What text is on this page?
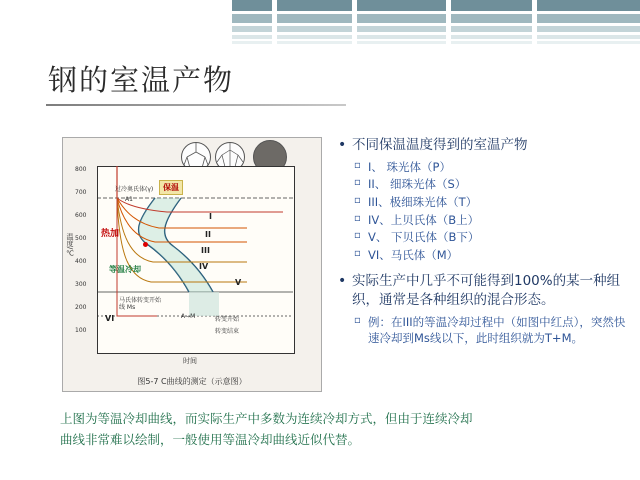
钢的室温产物
温度/℃
时间
800
700
600
500
400
300
200
100
保温
过冷奥氏体(γ)
A1
热加
等温冷却
马氏体转变开始线 Ms
A→M
I
II
III
IV
V
VI	转变开始
转变结束
图5-7 C曲线的测定（示意图）
• 不同保温温度得到的室温产物
▫ I、 珠光体（P）
▫ II、 细珠光体（S）
▫ III、极细珠光体（T）
▫ IV、上贝氏体（B上）
▫ V、 下贝氏体（B下）
▫ VI、马氏体（M）
• 实际生产中几乎不可能得到100%的某一种组织，通常是各种组织的混合形态。
▫ 例：在III的等温冷却过程中（如图中红点），突然快速冷却到Ms线以下，此时组织就为T+M。
上图为等温冷却曲线，而实际生产中多数为连续冷却方式，但由于连续冷却
曲线非常难以绘制，一般使用等温冷却曲线近似代替。
